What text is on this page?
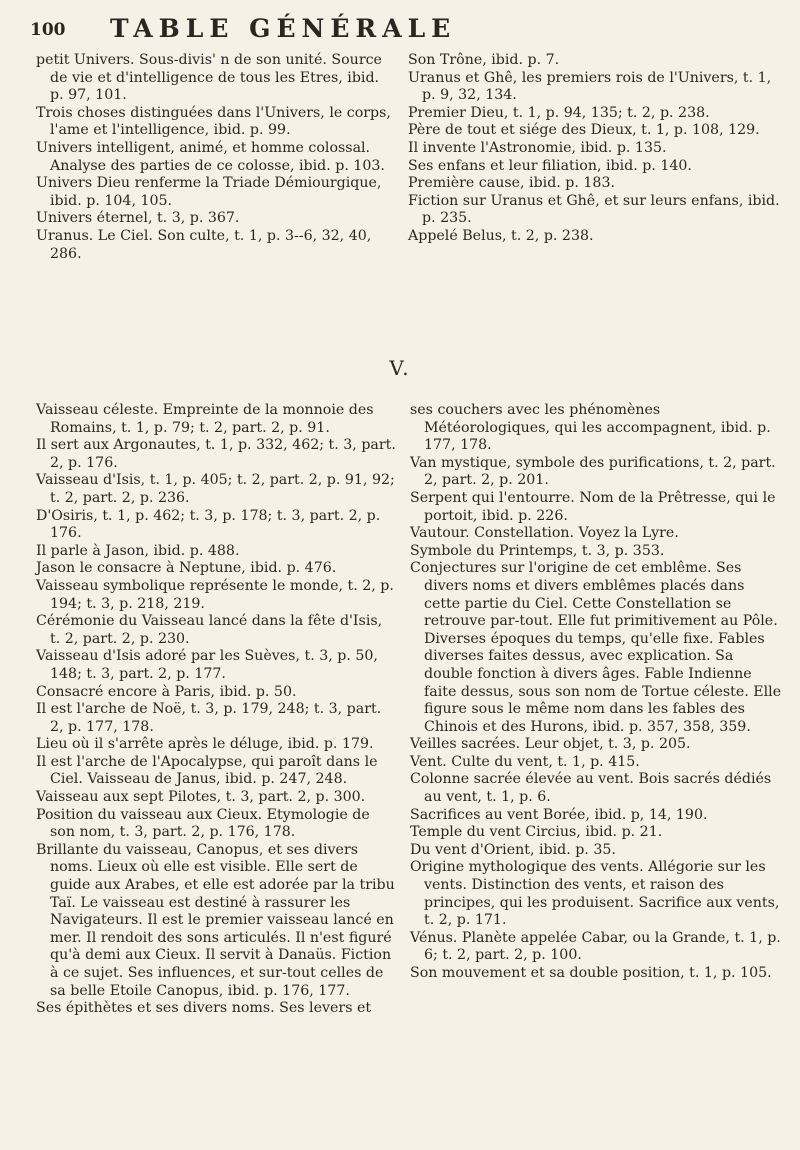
100 TABLE GÉNÉRALE

petit Univers. Sous-divis' n de son unité. Source de vie et d'intelligence de tous les Etres, ibid. p. 97, 101.

Trois choses distinguées dans l'Univers, le corps, l'ame et l'intelligence, ibid. p. 99.

Univers intelligent, animé, et homme colossal. Analyse des parties de ce colosse, ibid. p. 103.

Univers Dieu renferme la Triade Démiourgique, ibid. p. 104, 105.

Univers éternel, t. 3, p. 367.

Uranus. Le Ciel. Son culte, t. 1, p. 3--6, 32, 40, 286.

Son Trône, ibid. p. 7.

Uranus et Ghê, les premiers rois de l'Univers, t. 1, p. 9, 32, 134.

Premier Dieu, t. 1, p. 94, 135; t. 2, p. 238.

Père de tout et siége des Dieux, t. 1, p. 108, 129.

Il invente l'Astronomie, ibid. p. 135.

Ses enfans et leur filiation, ibid. p. 140.

Première cause, ibid. p. 183.

Fiction sur Uranus et Ghê, et sur leurs enfans, ibid. p. 235.

Appelé Belus, t. 2, p. 238.

V.

Vaisseau céleste. Empreinte de la monnoie des Romains, t. 1, p. 79; t. 2, part. 2, p. 91.

Il sert aux Argonautes, t. 1, p. 332, 462; t. 3, part. 2, p. 176.

Vaisseau d'Isis, t. 1, p. 405; t. 2, part. 2, p. 91, 92; t. 2, part. 2, p. 236.

D'Osiris, t. 1, p. 462; t. 3, p. 178; t. 3, part. 2, p. 176.

Il parle à Jason, ibid. p. 488.

Jason le consacre à Neptune, ibid. p. 476.

Vaisseau symbolique représente le monde, t. 2, p. 194; t. 3, p. 218, 219.

Cérémonie du Vaisseau lancé dans la fête d'Isis, t. 2, part. 2, p. 230.

Vaisseau d'Isis adoré par les Suèves, t. 3, p. 50, 148; t. 3, part. 2, p. 177.

Consacré encore à Paris, ibid. p. 50.

Il est l'arche de Noë, t. 3, p. 179, 248; t. 3, part. 2, p. 177, 178.

Lieu où il s'arrête après le déluge, ibid. p. 179.

Il est l'arche de l'Apocalypse, qui paroît dans le Ciel. Vaisseau de Janus, ibid. p. 247, 248.

Vaisseau aux sept Pilotes, t. 3, part. 2, p. 300.

Position du vaisseau aux Cieux. Etymologie de son nom, t. 3, part. 2, p. 176, 178.

Brillante du vaisseau, Canopus, et ses divers noms. Lieux où elle est visible. Elle sert de guide aux Arabes, et elle est adorée par la tribu Taï. Le vaisseau est destiné à rassurer les Navigateurs. Il est le premier vaisseau lancé en mer. Il rendoit des sons articulés. Il n'est figuré qu'à demi aux Cieux. Il servit à Danaüs. Fiction à ce sujet. Ses influences, et sur-tout celles de sa belle Etoile Canopus, ibid. p. 176, 177.

Ses épithètes et ses divers noms. Ses levers et

ses couchers avec les phénomènes Météorologiques, qui les accompagnent, ibid. p. 177, 178.

Van mystique, symbole des purifications, t. 2, part. 2, part. 2, p. 201.

Serpent qui l'entourre. Nom de la Prêtresse, qui le portoit, ibid. p. 226.

Vautour. Constellation. Voyez la Lyre.

Symbole du Printemps, t. 3, p. 353.

Conjectures sur l'origine de cet emblême. Ses divers noms et divers emblêmes placés dans cette partie du Ciel. Cette Constellation se retrouve par-tout. Elle fut primitivement au Pôle. Diverses époques du temps, qu'elle fixe. Fables diverses faites dessus, avec explication. Sa double fonction à divers âges. Fable Indienne faite dessus, sous son nom de Tortue céleste. Elle figure sous le même nom dans les fables des Chinois et des Hurons, ibid. p. 357, 358, 359.

Veilles sacrées. Leur objet, t. 3, p. 205.

Vent. Culte du vent, t. 1, p. 415.

Colonne sacrée élevée au vent. Bois sacrés dédiés au vent, t. 1, p. 6.

Sacrifices au vent Borée, ibid. p, 14, 190.

Temple du vent Circius, ibid. p. 21.

Du vent d'Orient, ibid. p. 35.

Origine mythologique des vents. Allégorie sur les vents. Distinction des vents, et raison des principes, qui les produisent. Sacrifice aux vents, t. 2, p. 171.

Vénus. Planète appelée Cabar, ou la Grande, t. 1, p. 6; t. 2, part. 2, p. 100.

Son mouvement et sa double position, t. 1, p. 105.
